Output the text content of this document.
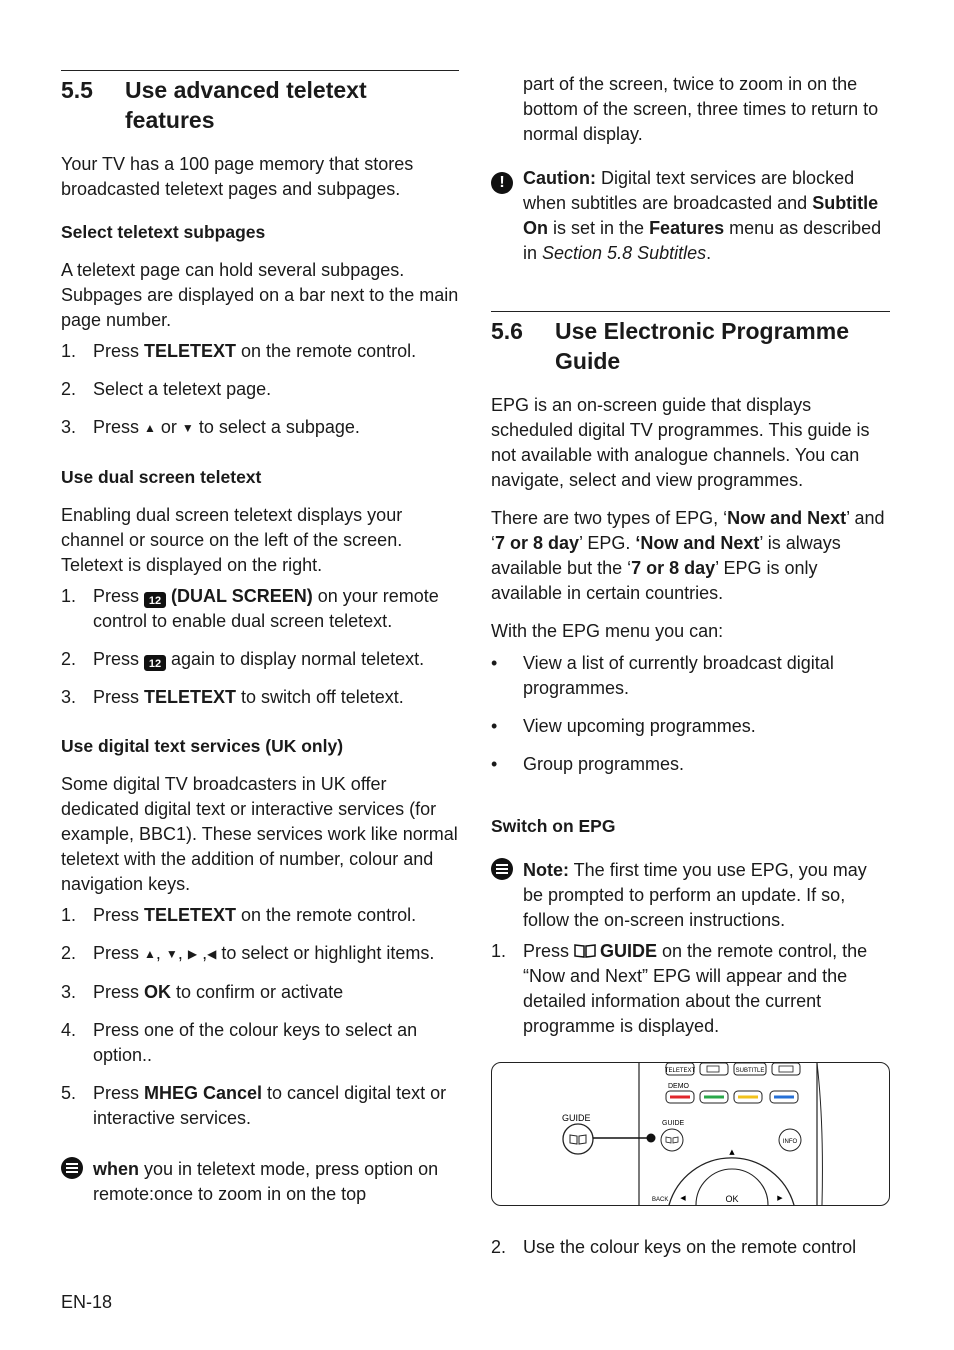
5.5	Use advanced teletext features

Your TV has a 100 page memory that stores broadcasted teletext pages and subpages.

Select teletext subpages

A teletext page can hold several subpages. Subpages are displayed on a bar next to the main page number.

1. Press TELETEXT on the remote control.
2. Select a teletext page.
3. Press ▲ or ▼ to select a subpage.

Use dual screen teletext

Enabling dual screen teletext displays your channel or source on the left of the screen. Teletext is displayed on the right.

1. Press 12 (DUAL SCREEN) on your remote control to enable dual screen teletext.
2. Press 12 again to display normal teletext.
3. Press TELETEXT to switch off teletext.

Use digital text services (UK only)

Some digital TV broadcasters in UK offer dedicated digital text or interactive services (for example, BBC1). These services work like normal teletext with the addition of number, colour and navigation keys.

1. Press TELETEXT on the remote control.
2. Press ▲, ▼, ▶ ,◀ to select or highlight items.
3. Press OK to confirm or activate
4. Press one of the colour keys to select an option..
5. Press MHEG Cancel to cancel digital text or interactive services.
when you in teletext mode, press option on remote:once to zoom in on the top
part of the screen, twice to zoom in on the bottom of the screen, three times to return to normal display.
!	Caution: Digital text services are blocked when subtitles are broadcasted and Subtitle On is set in the Features menu as described in Section 5.8 Subtitles.
5.6	Use Electronic Programme Guide

EPG is an on-screen guide that displays scheduled digital TV programmes. This guide is not available with analogue channels. You can navigate, select and view programmes.

There are two types of EPG, ‘Now and Next’ and ‘7 or 8 day’ EPG. ‘Now and Next’ is always available but the ‘7 or 8 day’ EPG is only available in certain countries.

With the EPG menu you can:

•	View a list of currently broadcast digital programmes.
•	View upcoming programmes.
•	Group programmes.

Switch on EPG

Note: The first time you use EPG, you may be prompted to perform an update. If so, follow the on-screen instructions.
1. Press GUIDE on the remote control, the “Now and Next” EPG will appear and the detailed information about the current programme is displayed.
TELETEXT	SUBTITLE
DEMO
GUIDE
GUIDE
INFO
OK
▲
◀	▶
BACK
2. Use the colour keys on the remote control
EN-18
